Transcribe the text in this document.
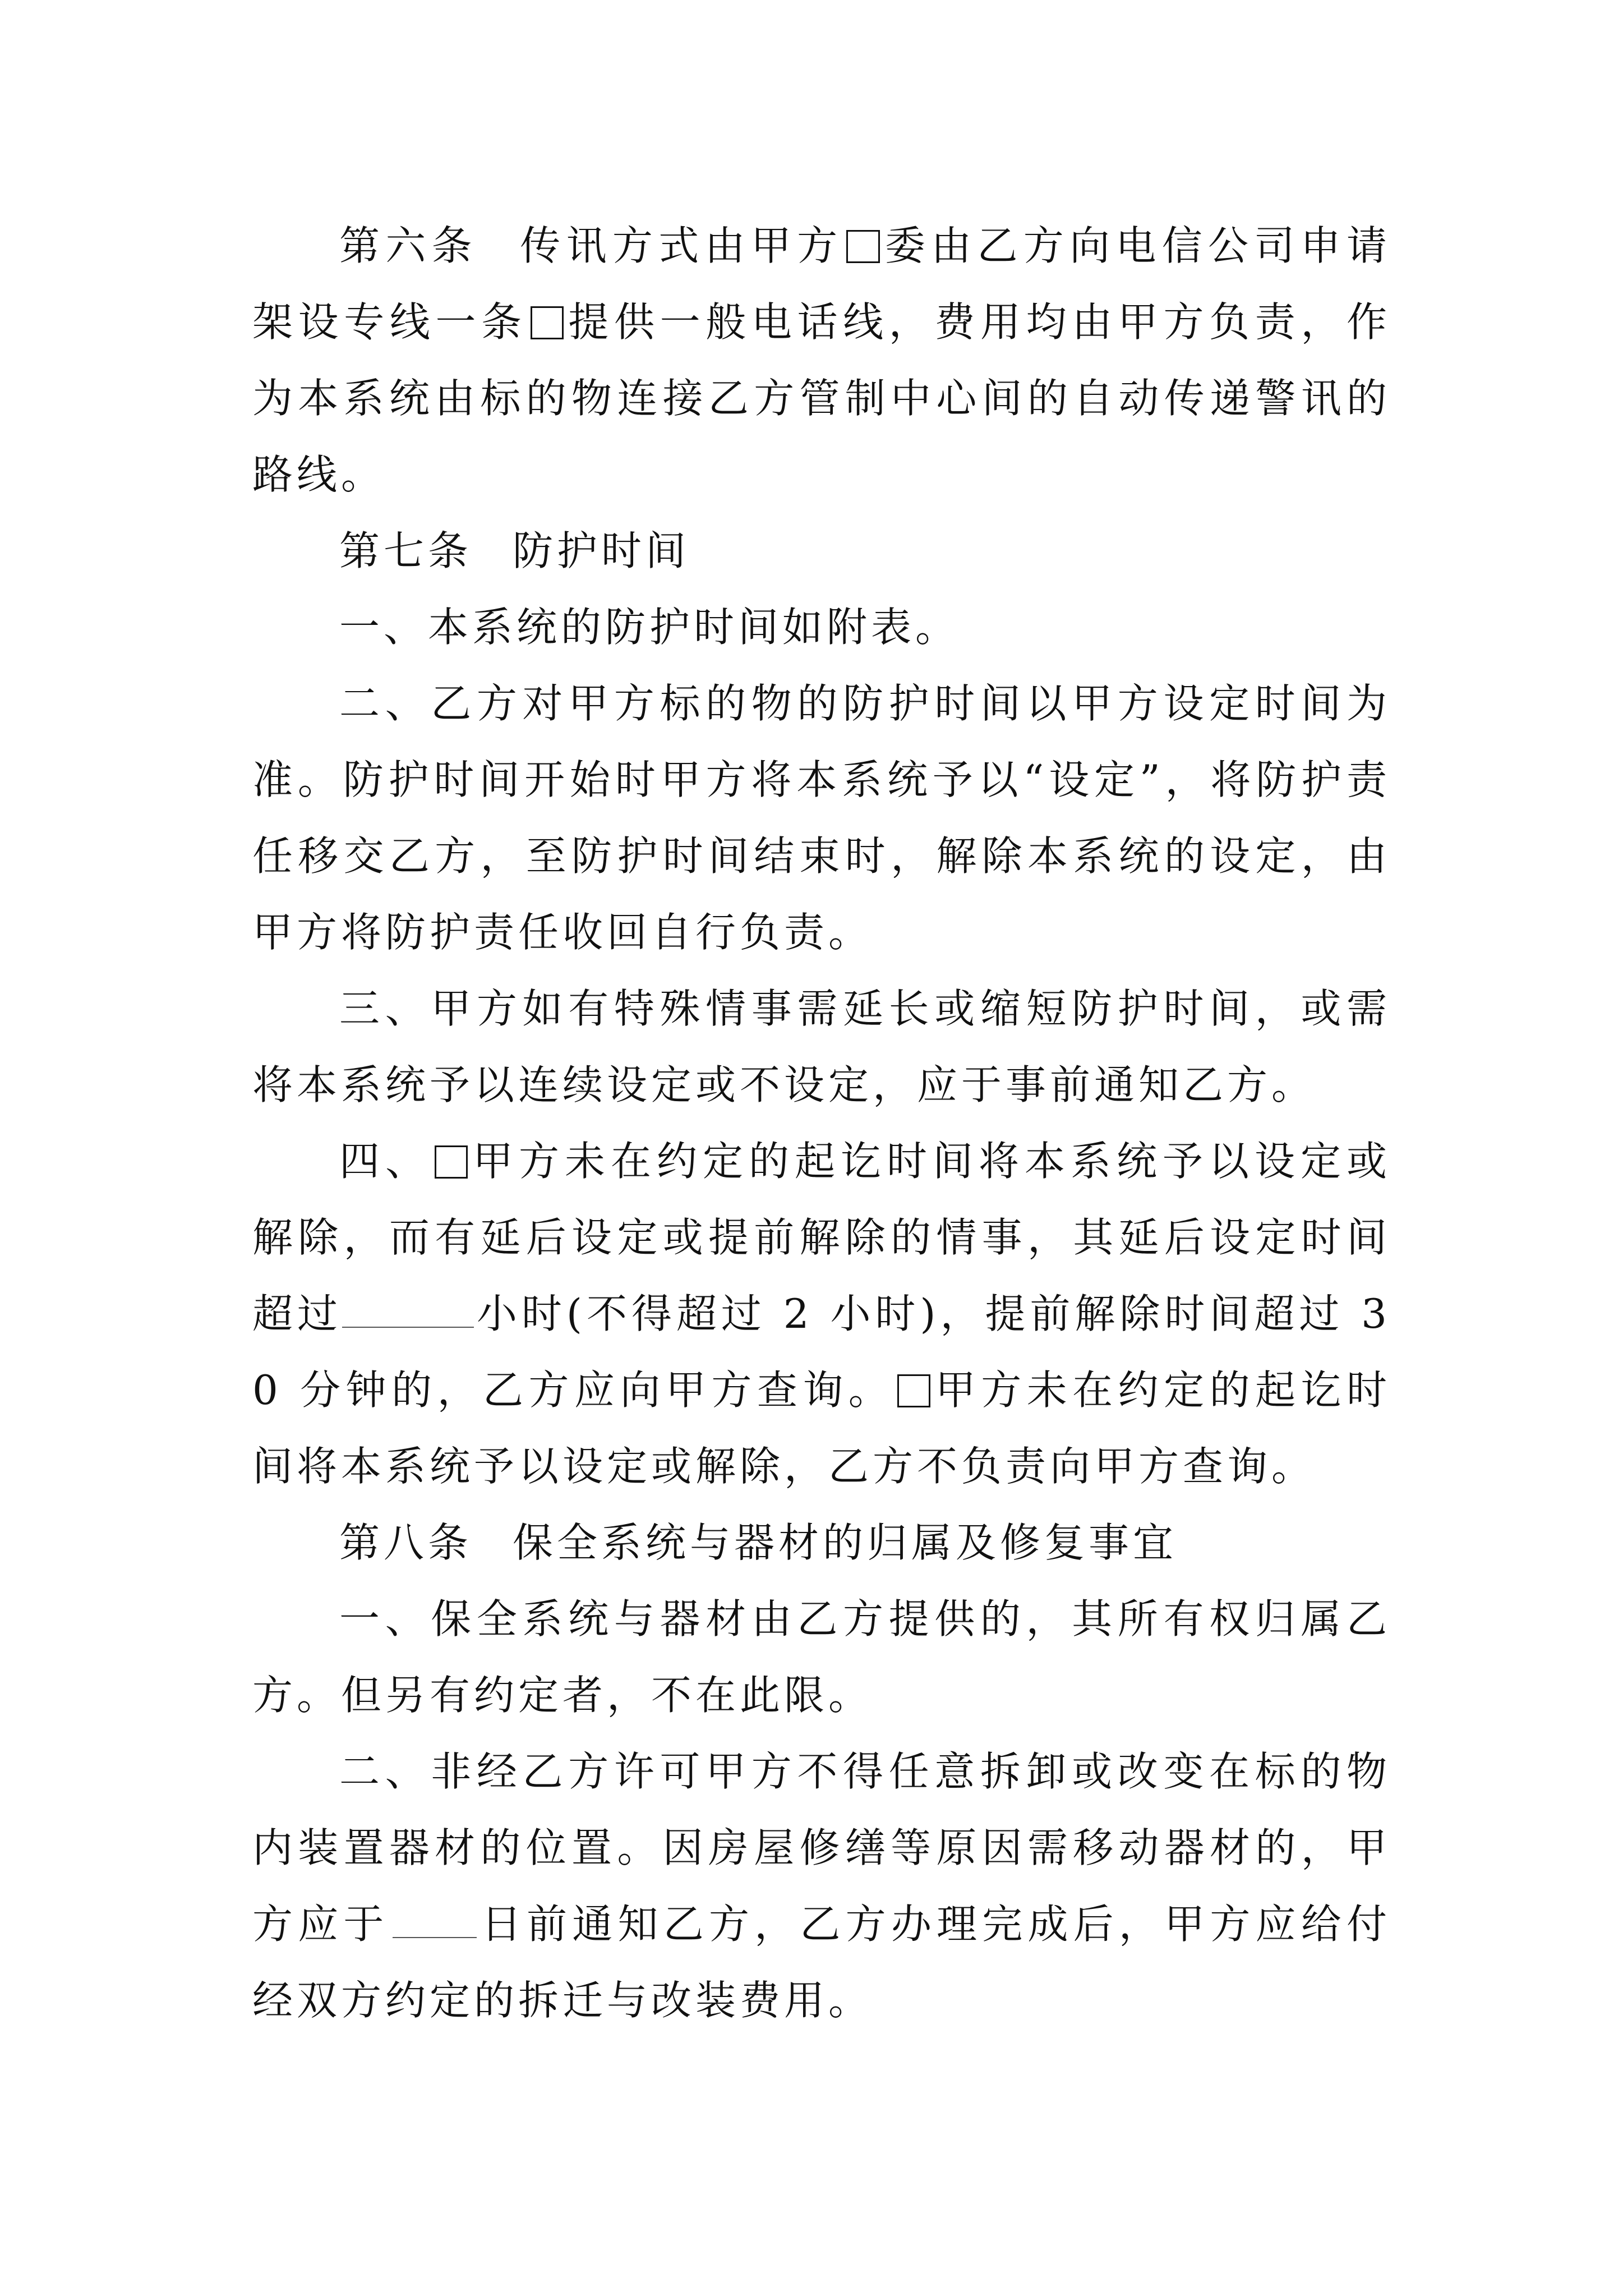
第六条 传讯方式由甲方 委由乙方向电信公司申请架设专线一条 提供一般电话线，费用均由甲方负责，作为本系统由标的物连接乙方管制中心间的自动传递警讯的路线。

第七条 防护时间

一、本系统的防护时间如附表。

二、乙方对甲方标的物的防护时间以甲方设定时间为准。防护时间开始时甲方将本系统予以“设定”，将防护责任移交乙方，至防护时间结束时，解除本系统的设定，由甲方将防护责任收回自行负责。

三、甲方如有特殊情事需延长或缩短防护时间，或需将本系统予以连续设定或不设定，应于事前通知乙方。

四、 甲方未在约定的起讫时间将本系统予以设定或解除，而有延后设定或提前解除的情事，其延后设定时间超过	小时(不得超过 2 小时)，提前解除时间超过 30 分钟的，乙方应向甲方查询。 甲方未在约定的起讫时间将本系统予以设定或解除，乙方不负责向甲方查询。

第八条 保全系统与器材的归属及修复事宜

一、保全系统与器材由乙方提供的，其所有权归属乙方。但另有约定者，不在此限。

二、非经乙方许可甲方不得任意拆卸或改变在标的物内装置器材的位置。因房屋修缮等原因需移动器材的，甲方应于 日前通知乙方，乙方办理完成后，甲方应给付经双方约定的拆迁与改装费用。
